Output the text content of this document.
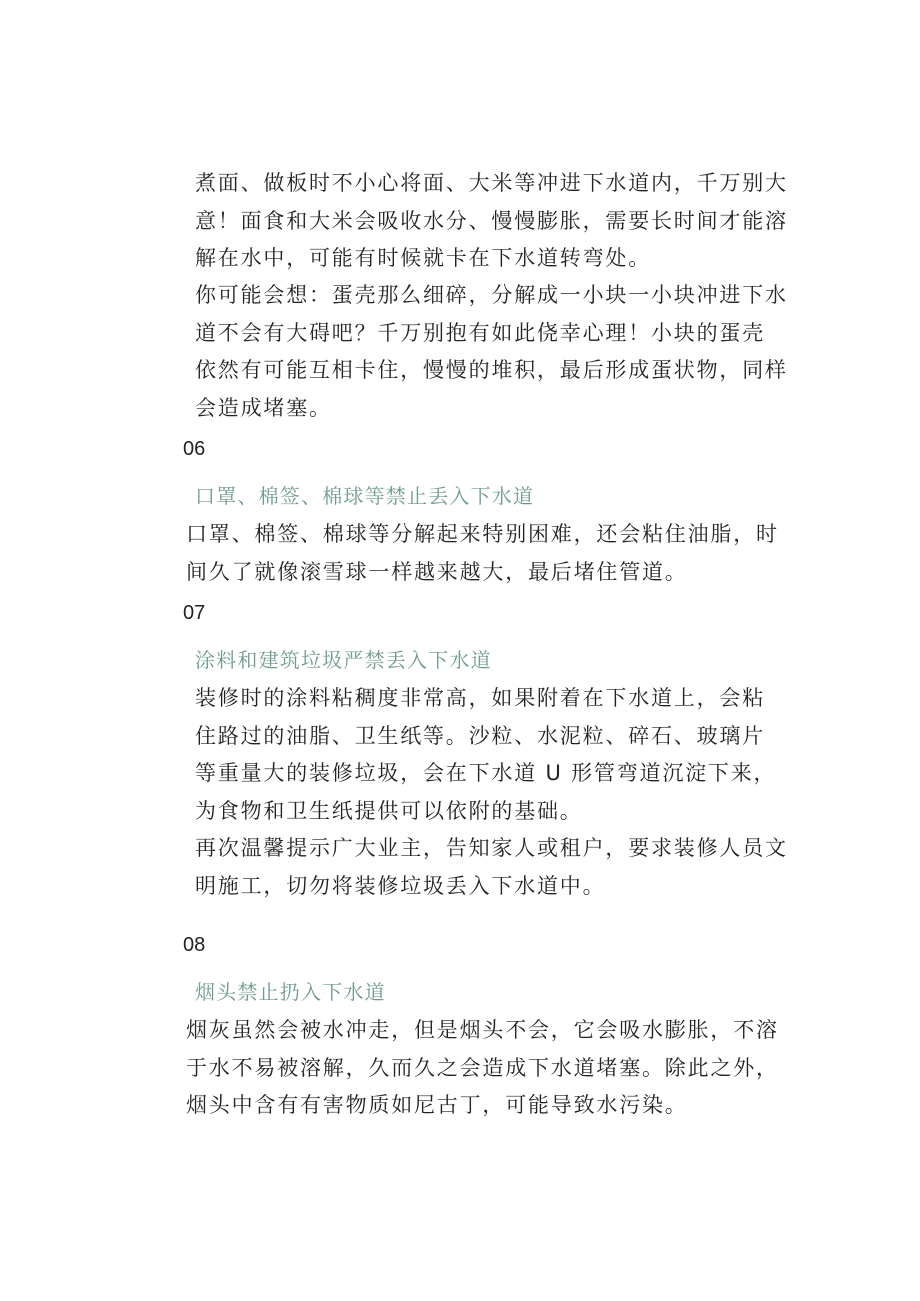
煮面、做板时不小心将面、大米等冲进下水道内，千万别大
意！面食和大米会吸收水分、慢慢膨胀，需要长时间才能溶
解在水中，可能有时候就卡在下水道转弯处。
你可能会想：蛋壳那么细碎，分解成一小块一小块冲进下水
道不会有大碍吧？千万别抱有如此侥幸心理！小块的蛋壳
依然有可能互相卡住，慢慢的堆积，最后形成蛋状物，同样
会造成堵塞。
06
口罩、棉签、棉球等禁止丢入下水道
口罩、棉签、棉球等分解起来特别困难，还会粘住油脂，时
间久了就像滚雪球一样越来越大，最后堵住管道。
07
涂料和建筑垃圾严禁丢入下水道
装修时的涂料粘稠度非常高，如果附着在下水道上，会粘
住路过的油脂、卫生纸等。沙粒、水泥粒、碎石、玻璃片
等重量大的装修垃圾，会在下水道 U 形管弯道沉淀下来，
为食物和卫生纸提供可以依附的基础。
再次温馨提示广大业主，告知家人或租户，要求装修人员文
明施工，切勿将装修垃圾丢入下水道中。
08
烟头禁止扔入下水道
烟灰虽然会被水冲走，但是烟头不会，它会吸水膨胀，不溶
于水不易被溶解，久而久之会造成下水道堵塞。除此之外，
烟头中含有有害物质如尼古丁，可能导致水污染。
